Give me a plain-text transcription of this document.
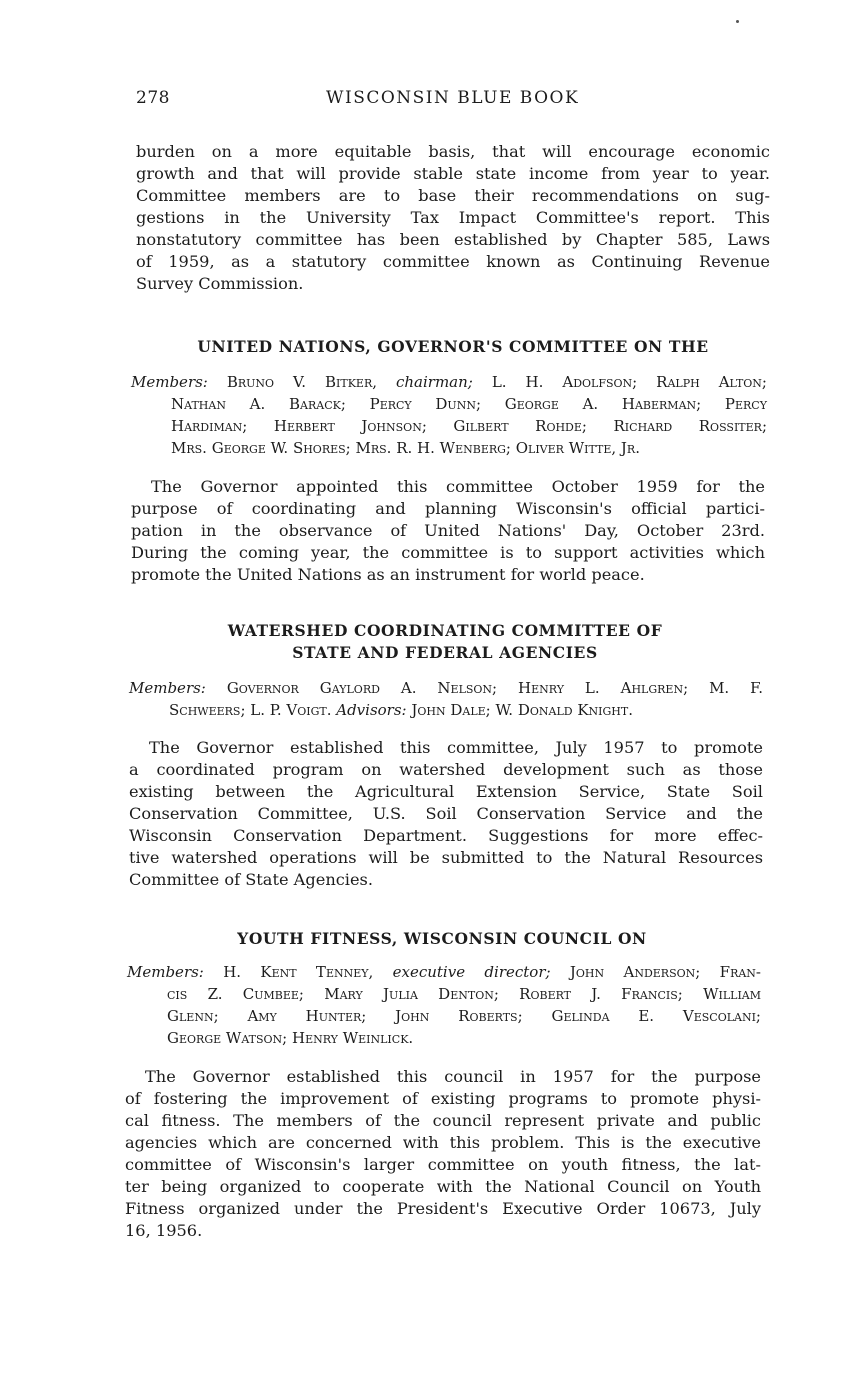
278	WISCONSIN BLUE BOOK
burden on a more equitable basis, that will encourage economic
growth and that will provide stable state income from year to year.
Committee members are to base their recommendations on sug-
gestions in the University Tax Impact Committee's report. This
nonstatutory committee has been established by Chapter 585, Laws
of 1959, as a statutory committee known as Continuing Revenue
Survey Commission.
UNITED NATIONS, GOVERNOR'S COMMITTEE ON THE
Members: Bruno V. Bitker, chairman; L. H. Adolfson; Ralph Alton;
Nathan A. Barack; Percy Dunn; George A. Haberman; Percy
Hardiman; Herbert Johnson; Gilbert Rohde; Richard Rossiter;
Mrs. George W. Shores; Mrs. R. H. Wenberg; Oliver Witte, Jr.
The Governor appointed this committee October 1959 for the
purpose of coordinating and planning Wisconsin's official partici-
pation in the observance of United Nations' Day, October 23rd.
During the coming year, the committee is to support activities which
promote the United Nations as an instrument for world peace.
WATERSHED COORDINATING COMMITTEE OF
STATE AND FEDERAL AGENCIES
Members: Governor Gaylord A. Nelson; Henry L. Ahlgren; M. F.
Schweers; L. P. Voigt. Advisors: John Dale; W. Donald Knight.
The Governor established this committee, July 1957 to promote
a coordinated program on watershed development such as those
existing between the Agricultural Extension Service, State Soil
Conservation Committee, U.S. Soil Conservation Service and the
Wisconsin Conservation Department. Suggestions for more effec-
tive watershed operations will be submitted to the Natural Resources
Committee of State Agencies.
YOUTH FITNESS, WISCONSIN COUNCIL ON
Members: H. Kent Tenney, executive director; John Anderson; Fran-
cis Z. Cumbee; Mary Julia Denton; Robert J. Francis; William
Glenn; Amy Hunter; John Roberts; Gelinda E. Vescolani;
George Watson; Henry Weinlick.
The Governor established this council in 1957 for the purpose
of fostering the improvement of existing programs to promote physi-
cal fitness. The members of the council represent private and public
agencies which are concerned with this problem. This is the executive
committee of Wisconsin's larger committee on youth fitness, the lat-
ter being organized to cooperate with the National Council on Youth
Fitness organized under the President's Executive Order 10673, July
16, 1956.
